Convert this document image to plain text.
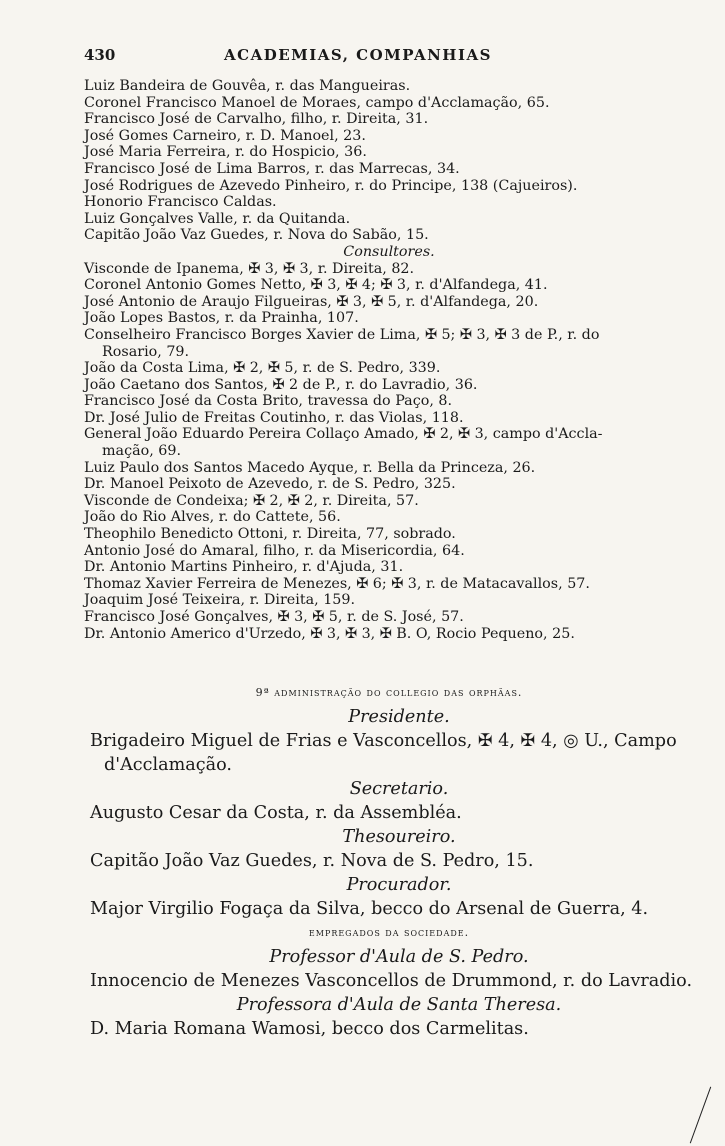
430	ACADEMIAS, COMPANHIAS
Luiz Bandeira de Gouvêa, r. das Mangueiras.
Coronel Francisco Manoel de Moraes, campo d'Acclamação, 65.
Francisco José de Carvalho, filho, r. Direita, 31.
José Gomes Carneiro, r. D. Manoel, 23.
José Maria Ferreira, r. do Hospicio, 36.
Francisco José de Lima Barros, r. das Marrecas, 34.
José Rodrigues de Azevedo Pinheiro, r. do Principe, 138 (Cajueiros).
Honorio Francisco Caldas.
Luiz Gonçalves Valle, r. da Quitanda.
Capitão João Vaz Guedes, r. Nova do Sabão, 15.
Consultores.
Visconde de Ipanema, ✠ 3, ✠ 3, r. Direita, 82.
Coronel Antonio Gomes Netto, ✠ 3, ✠ 4; ✠ 3, r. d'Alfandega, 41.
José Antonio de Araujo Filgueiras, ✠ 3, ✠ 5, r. d'Alfandega, 20.
João Lopes Bastos, r. da Prainha, 107.
Conselheiro Francisco Borges Xavier de Lima, ✠ 5; ✠ 3, ✠ 3 de P., r. do
Rosario, 79.
João da Costa Lima, ✠ 2, ✠ 5, r. de S. Pedro, 339.
João Caetano dos Santos, ✠ 2 de P., r. do Lavradio, 36.
Francisco José da Costa Brito, travessa do Paço, 8.
Dr. José Julio de Freitas Coutinho, r. das Violas, 118.
General João Eduardo Pereira Collaço Amado, ✠ 2, ✠ 3, campo d'Accla-
mação, 69.
Luiz Paulo dos Santos Macedo Ayque, r. Bella da Princeza, 26.
Dr. Manoel Peixoto de Azevedo, r. de S. Pedro, 325.
Visconde de Condeixa; ✠ 2, ✠ 2, r. Direita, 57.
João do Rio Alves, r. do Cattete, 56.
Theophilo Benedicto Ottoni, r. Direita, 77, sobrado.
Antonio José do Amaral, filho, r. da Misericordia, 64.
Dr. Antonio Martins Pinheiro, r. d'Ajuda, 31.
Thomaz Xavier Ferreira de Menezes, ✠ 6; ✠ 3, r. de Matacavallos, 57.
Joaquim José Teixeira, r. Direita, 159.
Francisco José Gonçalves, ✠ 3, ✠ 5, r. de S. José, 57.
Dr. Antonio Americo d'Urzedo, ✠ 3, ✠ 3, ✠ B. O, Rocio Pequeno, 25.
9ª administração do collegio das orphãas.
Presidente.
Brigadeiro Miguel de Frias e Vasconcellos, ✠ 4, ✠ 4, ◎ U., Campo
d'Acclamação.
Secretario.
Augusto Cesar da Costa, r. da Assembléa.
Thesoureiro.
Capitão João Vaz Guedes, r. Nova de S. Pedro, 15.
Procurador.
Major Virgilio Fogaça da Silva, becco do Arsenal de Guerra, 4.
empregados da sociedade.
Professor d'Aula de S. Pedro.
Innocencio de Menezes Vasconcellos de Drummond, r. do Lavradio.
Professora d'Aula de Santa Theresa.
D. Maria Romana Wamosi, becco dos Carmelitas.
